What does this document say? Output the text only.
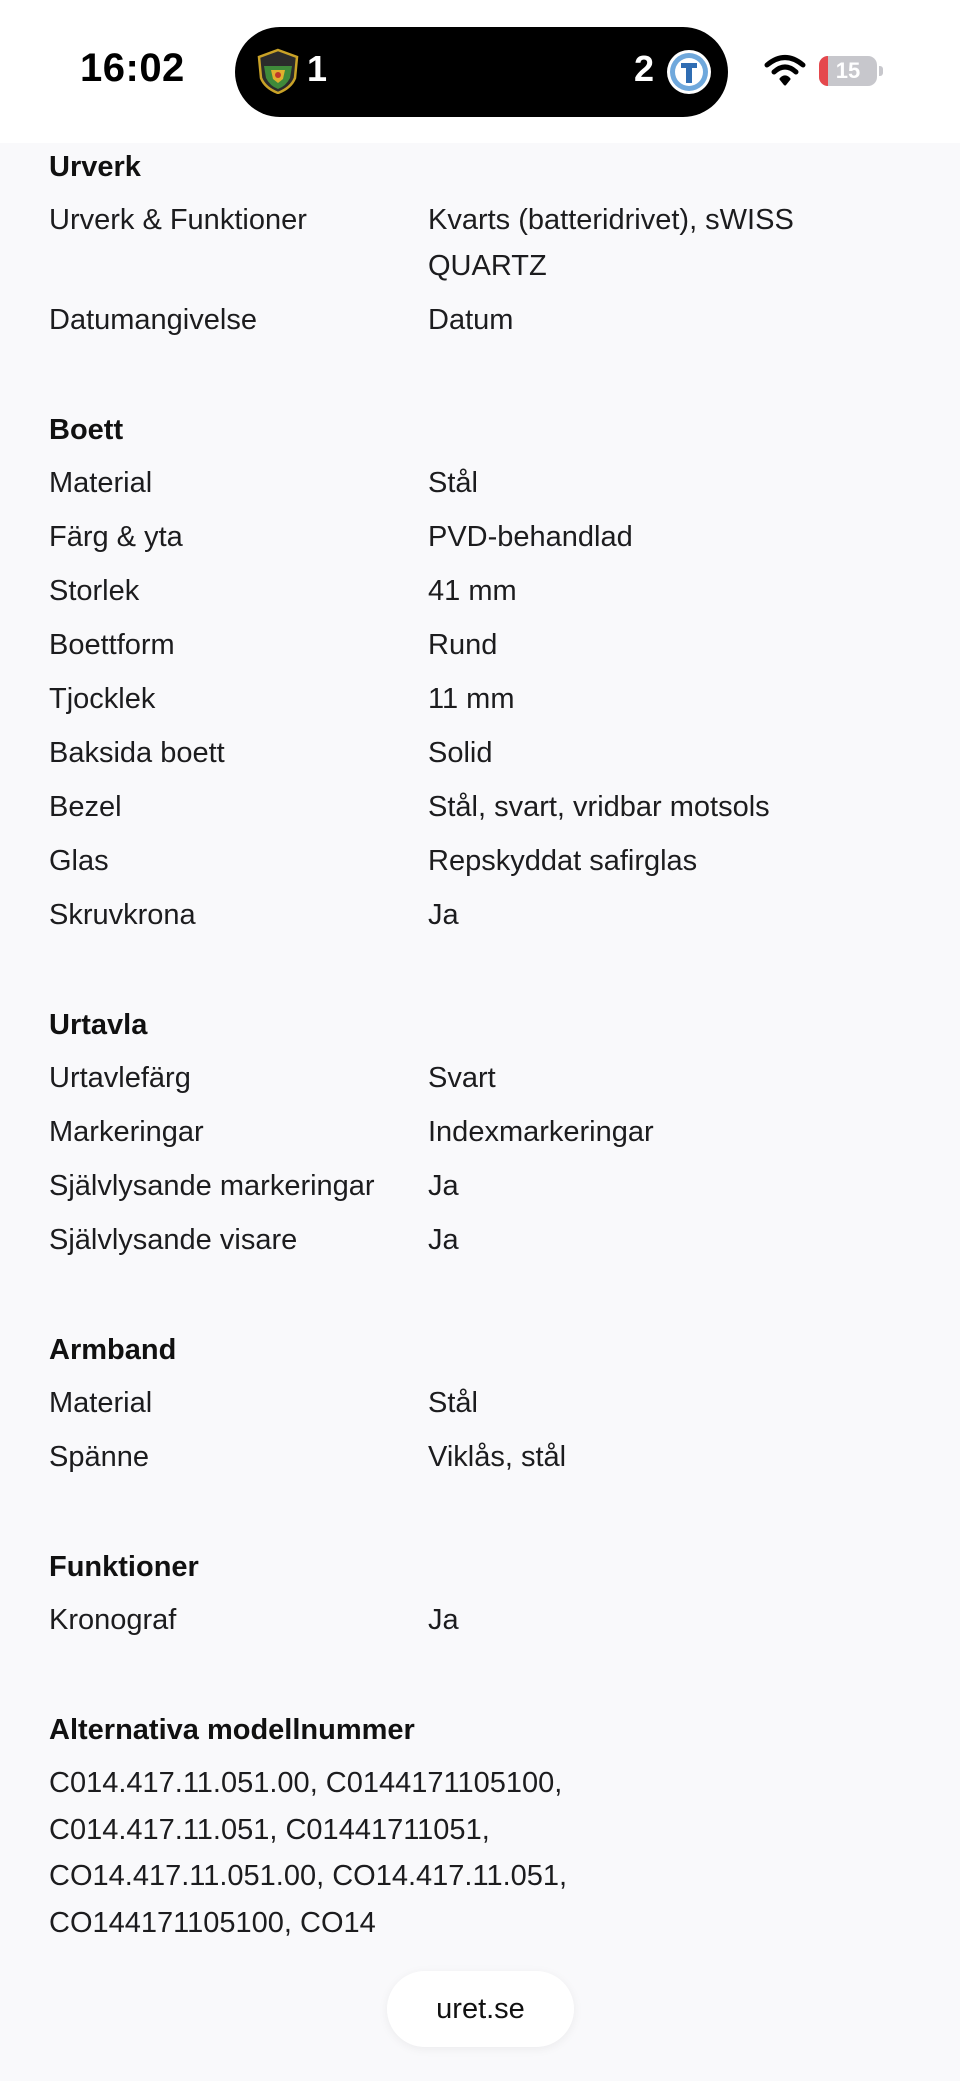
16:02	1	2	15
Urverk
Urverk & Funktioner	Kvarts (batteridrivet), sWISS QUARTZ
Datumangivelse	Datum
Boett
Material	Stål
Färg & yta	PVD-behandlad
Storlek	41 mm
Boettform	Rund
Tjocklek	11 mm
Baksida boett	Solid
Bezel	Stål, svart, vridbar motsols
Glas	Repskyddat safirglas
Skruvkrona	Ja
Urtavla
Urtavlefärg	Svart
Markeringar	Indexmarkeringar
Självlysande markeringar	Ja
Självlysande visare	Ja
Armband
Material	Stål
Spänne	Viklås, stål
Funktioner
Kronograf	Ja
Alternativa modellnummer
C014.417.11.051.00, C0144171105100, C014.417.11.051, C01441711051, CO14.417.11.051.00, CO14.417.11.051, CO144171105100, CO14
uret.se
